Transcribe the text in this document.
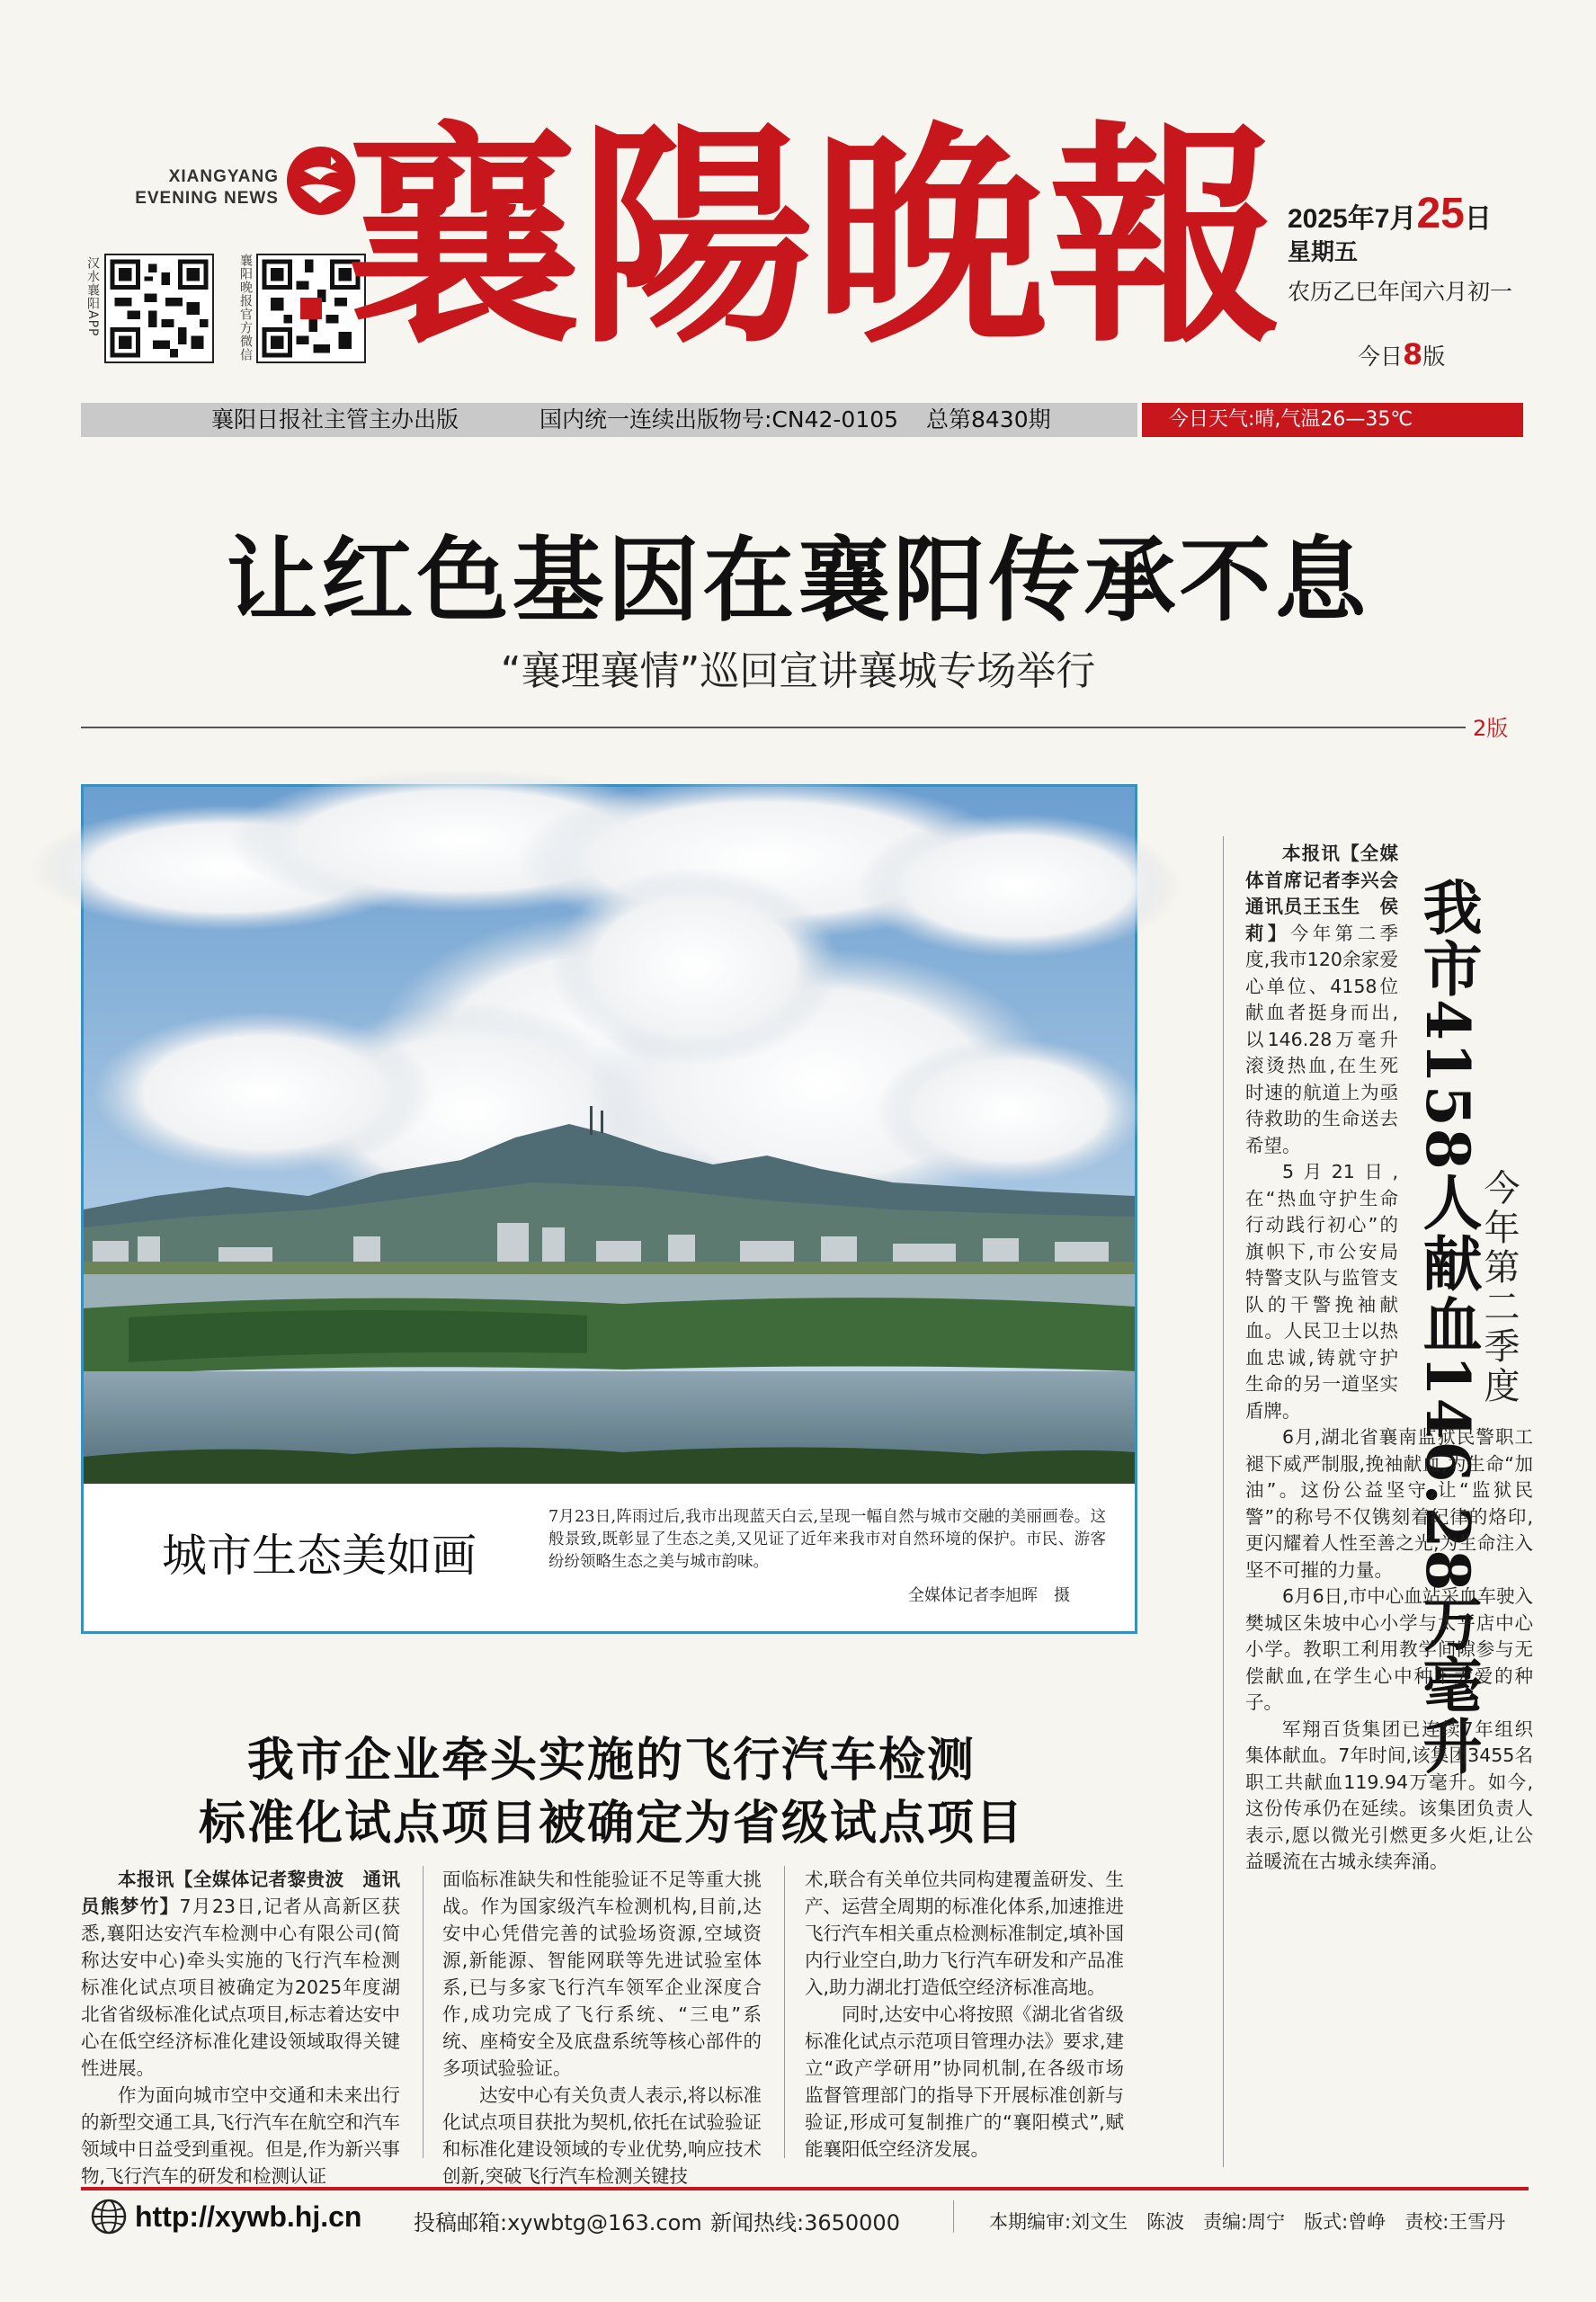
XIANGYANG
EVENING NEWS
汉水襄阳APP	襄阳晚报官方微信 襄陽晚報 2025年7月25日
星期五
农历乙巳年闰六月初一
今日8版
襄阳日报社主管主办出版	国内统一连续出版物号:CN42-0105 总第8430期	今日天气:晴,气温26—35℃
让红色基因在襄阳传承不息
“襄理襄情”巡回宣讲襄城专场举行
2版
城市生态美如画
7月23日,阵雨过后,我市出现蓝天白云,呈现一幅自然与城市交融的美丽画卷。这般景致,既彰显了生态之美,又见证了近年来我市对自然环境的保护。市民、游客纷纷领略生态之美与城市韵味。
全媒体记者李旭晖　摄
我市企业牵头实施的飞行汽车检测
标准化试点项目被确定为省级试点项目

本报讯【全媒体记者黎贵波　通讯员熊梦竹】7月23日,记者从高新区获悉,襄阳达安汽车检测中心有限公司(简称达安中心)牵头实施的飞行汽车检测标准化试点项目被确定为2025年度湖北省省级标准化试点项目,标志着达安中心在低空经济标准化建设领域取得关键性进展。

作为面向城市空中交通和未来出行的新型交通工具,飞行汽车在航空和汽车领域中日益受到重视。但是,作为新兴事物,飞行汽车的研发和检测认证

面临标准缺失和性能验证不足等重大挑战。作为国家级汽车检测机构,目前,达安中心凭借完善的试验场资源,空域资源,新能源、智能网联等先进试验室体系,已与多家飞行汽车领军企业深度合作,成功完成了飞行系统、“三电”系统、座椅安全及底盘系统等核心部件的多项试验验证。

达安中心有关负责人表示,将以标准化试点项目获批为契机,依托在试验验证和标准化建设领域的专业优势,响应技术创新,突破飞行汽车检测关键技

术,联合有关单位共同构建覆盖研发、生产、运营全周期的标准化体系,加速推进飞行汽车相关重点检测标准制定,填补国内行业空白,助力飞行汽车研发和产品准入,助力湖北打造低空经济标准高地。

同时,达安中心将按照《湖北省省级标准化试点示范项目管理办法》要求,建立“政产学研用”协同机制,在各级市场监督管理部门的指导下开展标准创新与验证,形成可复制推广的“襄阳模式”,赋能襄阳低空经济发展。

我市4158人献血146.28万毫升
今年第二季度

本报讯【全媒体首席记者李兴会　通讯员王玉生　侯莉】今年第二季度,我市120余家爱心单位、4158位献血者挺身而出,以146.28万毫升滚烫热血,在生死时速的航道上为亟待救助的生命送去希望。

5月21日,在“热血守护生命　行动践行初心”的旗帜下,市公安局特警支队与监管支队的干警挽袖献血。人民卫士以热血忠诚,铸就守护生命的另一道坚实盾牌。

6月,湖北省襄南监狱民警职工褪下威严制服,挽袖献血,为生命“加油”。这份公益坚守,让“监狱民警”的称号不仅镌刻着纪律的烙印,更闪耀着人性至善之光,为生命注入坚不可摧的力量。

6月6日,市中心血站采血车驶入樊城区朱坡中心小学与太平店中心小学。教职工利用教学间隙参与无偿献血,在学生心中种下大爱的种子。

军翔百货集团已连续7年组织集体献血。7年时间,该集团3455名职工共献血119.94万毫升。如今,这份传承仍在延续。该集团负责人表示,愿以微光引燃更多火炬,让公益暖流在古城永续奔涌。

http://xywb.hj.cn 投稿邮箱:xywbtg@163.com 新闻热线:3650000	本期编审:刘文生　陈波　责编:周宁　版式:曾峥　责校:王雪丹
